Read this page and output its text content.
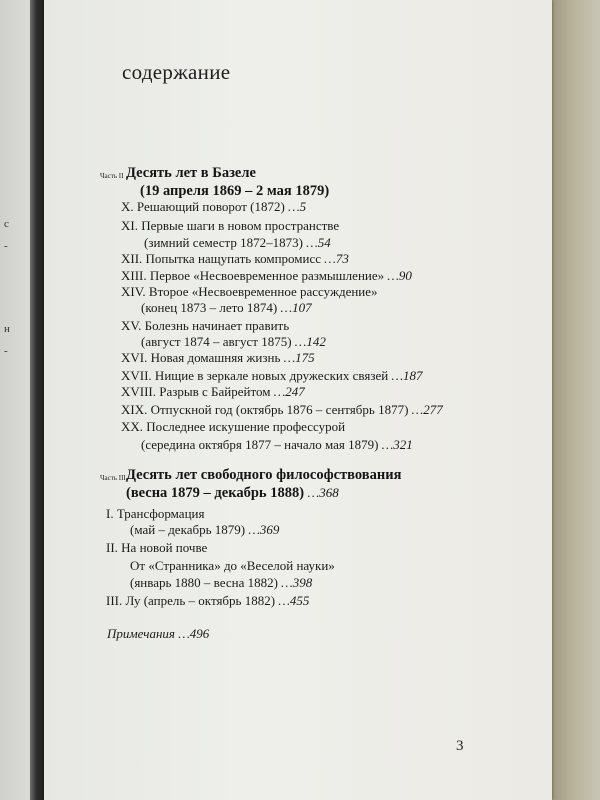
с
-
н
-
содержание
Часть II Десять лет в Базеле
(19 апреля 1869 – 2 мая 1879)
X. Решающий поворот (1872) …5
XI. Первые шаги в новом пространстве
(зимний семестр 1872–1873) …54
XII. Попытка нащупать компромисс …73
XIII. Первое «Несвоевременное размышление» …90
XIV. Второе «Несвоевременное рассуждение»
(конец 1873 – лето 1874) …107
XV. Болезнь начинает править
(август 1874 – август 1875) …142
XVI. Новая домашняя жизнь …175
XVII. Нищие в зеркале новых дружеских связей …187
XVIII. Разрыв с Байрейтом …247
XIX. Отпускной год (октябрь 1876 – сентябрь 1877) …277
XX. Последнее искушение профессурой
(середина октября 1877 – начало мая 1879) …321
Часть III Десять лет свободного философствования
(весна 1879 – декабрь 1888) …368
I. Трансформация
(май – декабрь 1879) …369
II. На новой почве
От «Странника» до «Веселой науки»
(январь 1880 – весна 1882) …398
III. Лу (апрель – октябрь 1882) …455
Примечания …496
3
